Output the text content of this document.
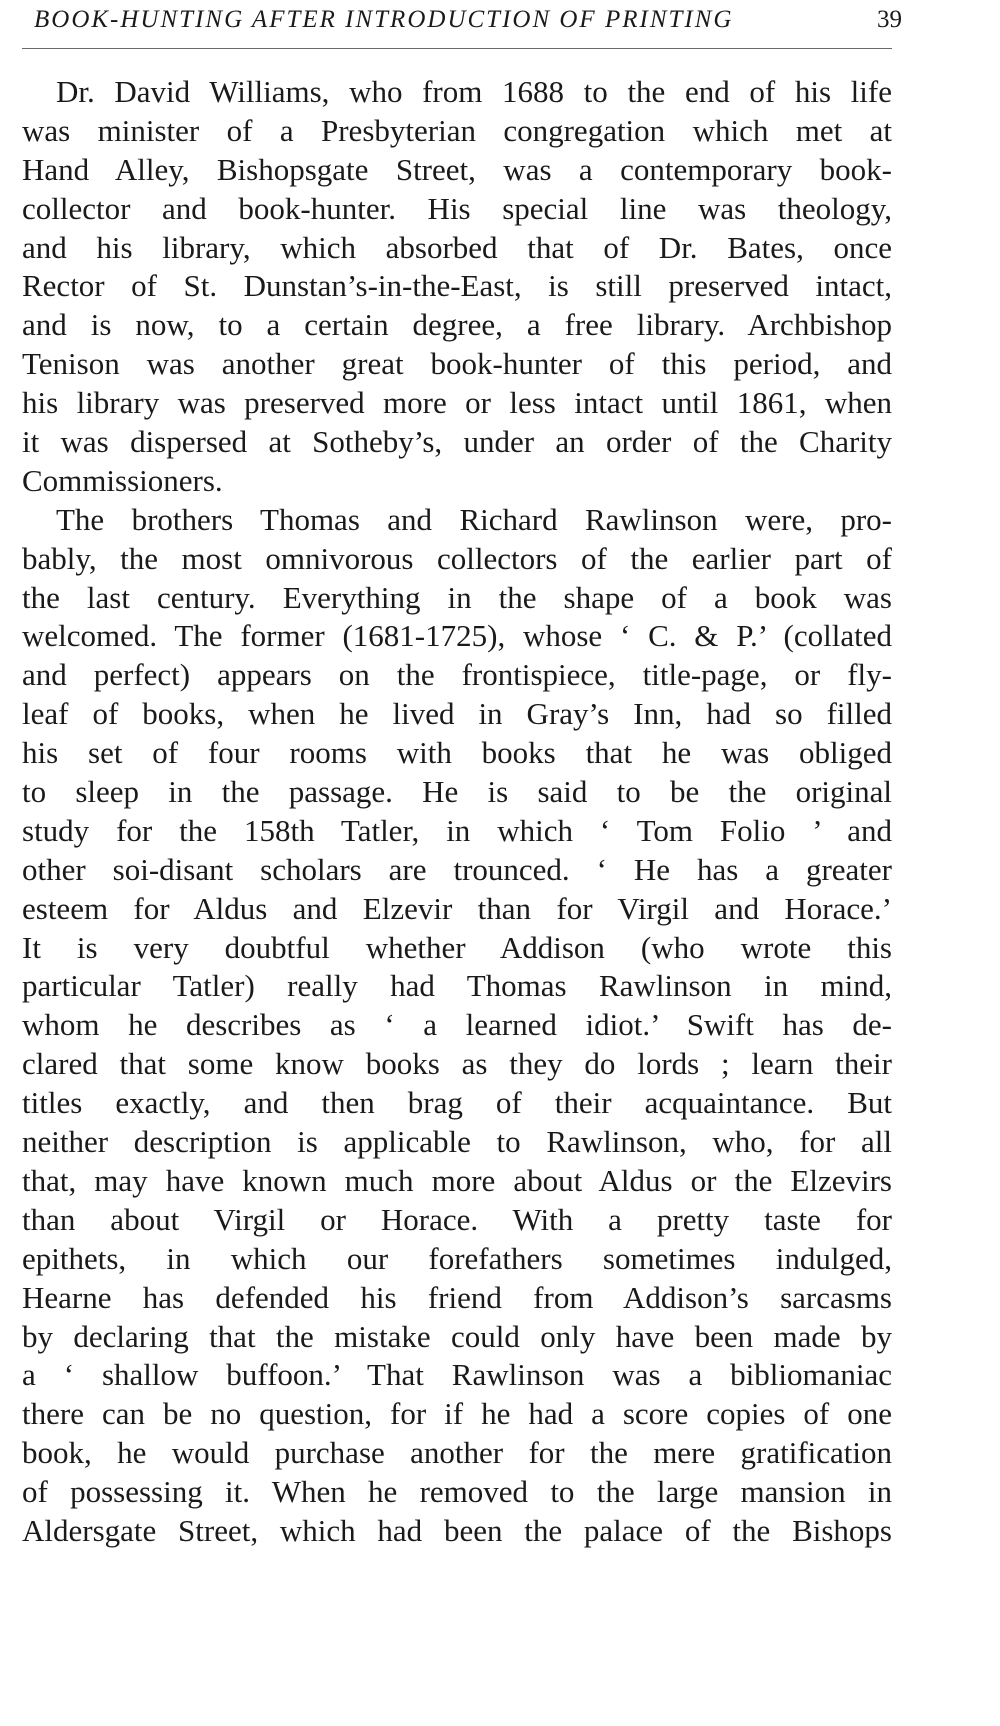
BOOK-HUNTING AFTER INTRODUCTION OF PRINTING	39
Dr. David Williams, who from 1688 to the end of his life
was minister of a Presbyterian congregation which met at
Hand Alley, Bishopsgate Street, was a contemporary book-
collector and book-hunter. His special line was theology,
and his library, which absorbed that of Dr. Bates, once
Rector of St. Dunstan’s-in-the-East, is still preserved intact,
and is now, to a certain degree, a free library. Archbishop
Tenison was another great book-hunter of this period, and
his library was preserved more or less intact until 1861, when
it was dispersed at Sotheby’s, under an order of the Charity
Commissioners.
The brothers Thomas and Richard Rawlinson were, pro-
bably, the most omnivorous collectors of the earlier part of
the last century. Everything in the shape of a book was
welcomed. The former (1681-1725), whose ‘ C. & P.’ (collated
and perfect) appears on the frontispiece, title-page, or fly-
leaf of books, when he lived in Gray’s Inn, had so filled
his set of four rooms with books that he was obliged
to sleep in the passage. He is said to be the original
study for the 158th Tatler, in which ‘ Tom Folio ’ and
other soi-disant scholars are trounced. ‘ He has a greater
esteem for Aldus and Elzevir than for Virgil and Horace.’
It is very doubtful whether Addison (who wrote this
particular Tatler) really had Thomas Rawlinson in mind,
whom he describes as ‘ a learned idiot.’ Swift has de-
clared that some know books as they do lords ; learn their
titles exactly, and then brag of their acquaintance. But
neither description is applicable to Rawlinson, who, for all
that, may have known much more about Aldus or the Elzevirs
than about Virgil or Horace. With a pretty taste for
epithets, in which our forefathers sometimes indulged,
Hearne has defended his friend from Addison’s sarcasms
by declaring that the mistake could only have been made by
a ‘ shallow buffoon.’ That Rawlinson was a bibliomaniac
there can be no question, for if he had a score copies of one
book, he would purchase another for the mere gratification
of possessing it. When he removed to the large mansion in
Aldersgate Street, which had been the palace of the Bishops
